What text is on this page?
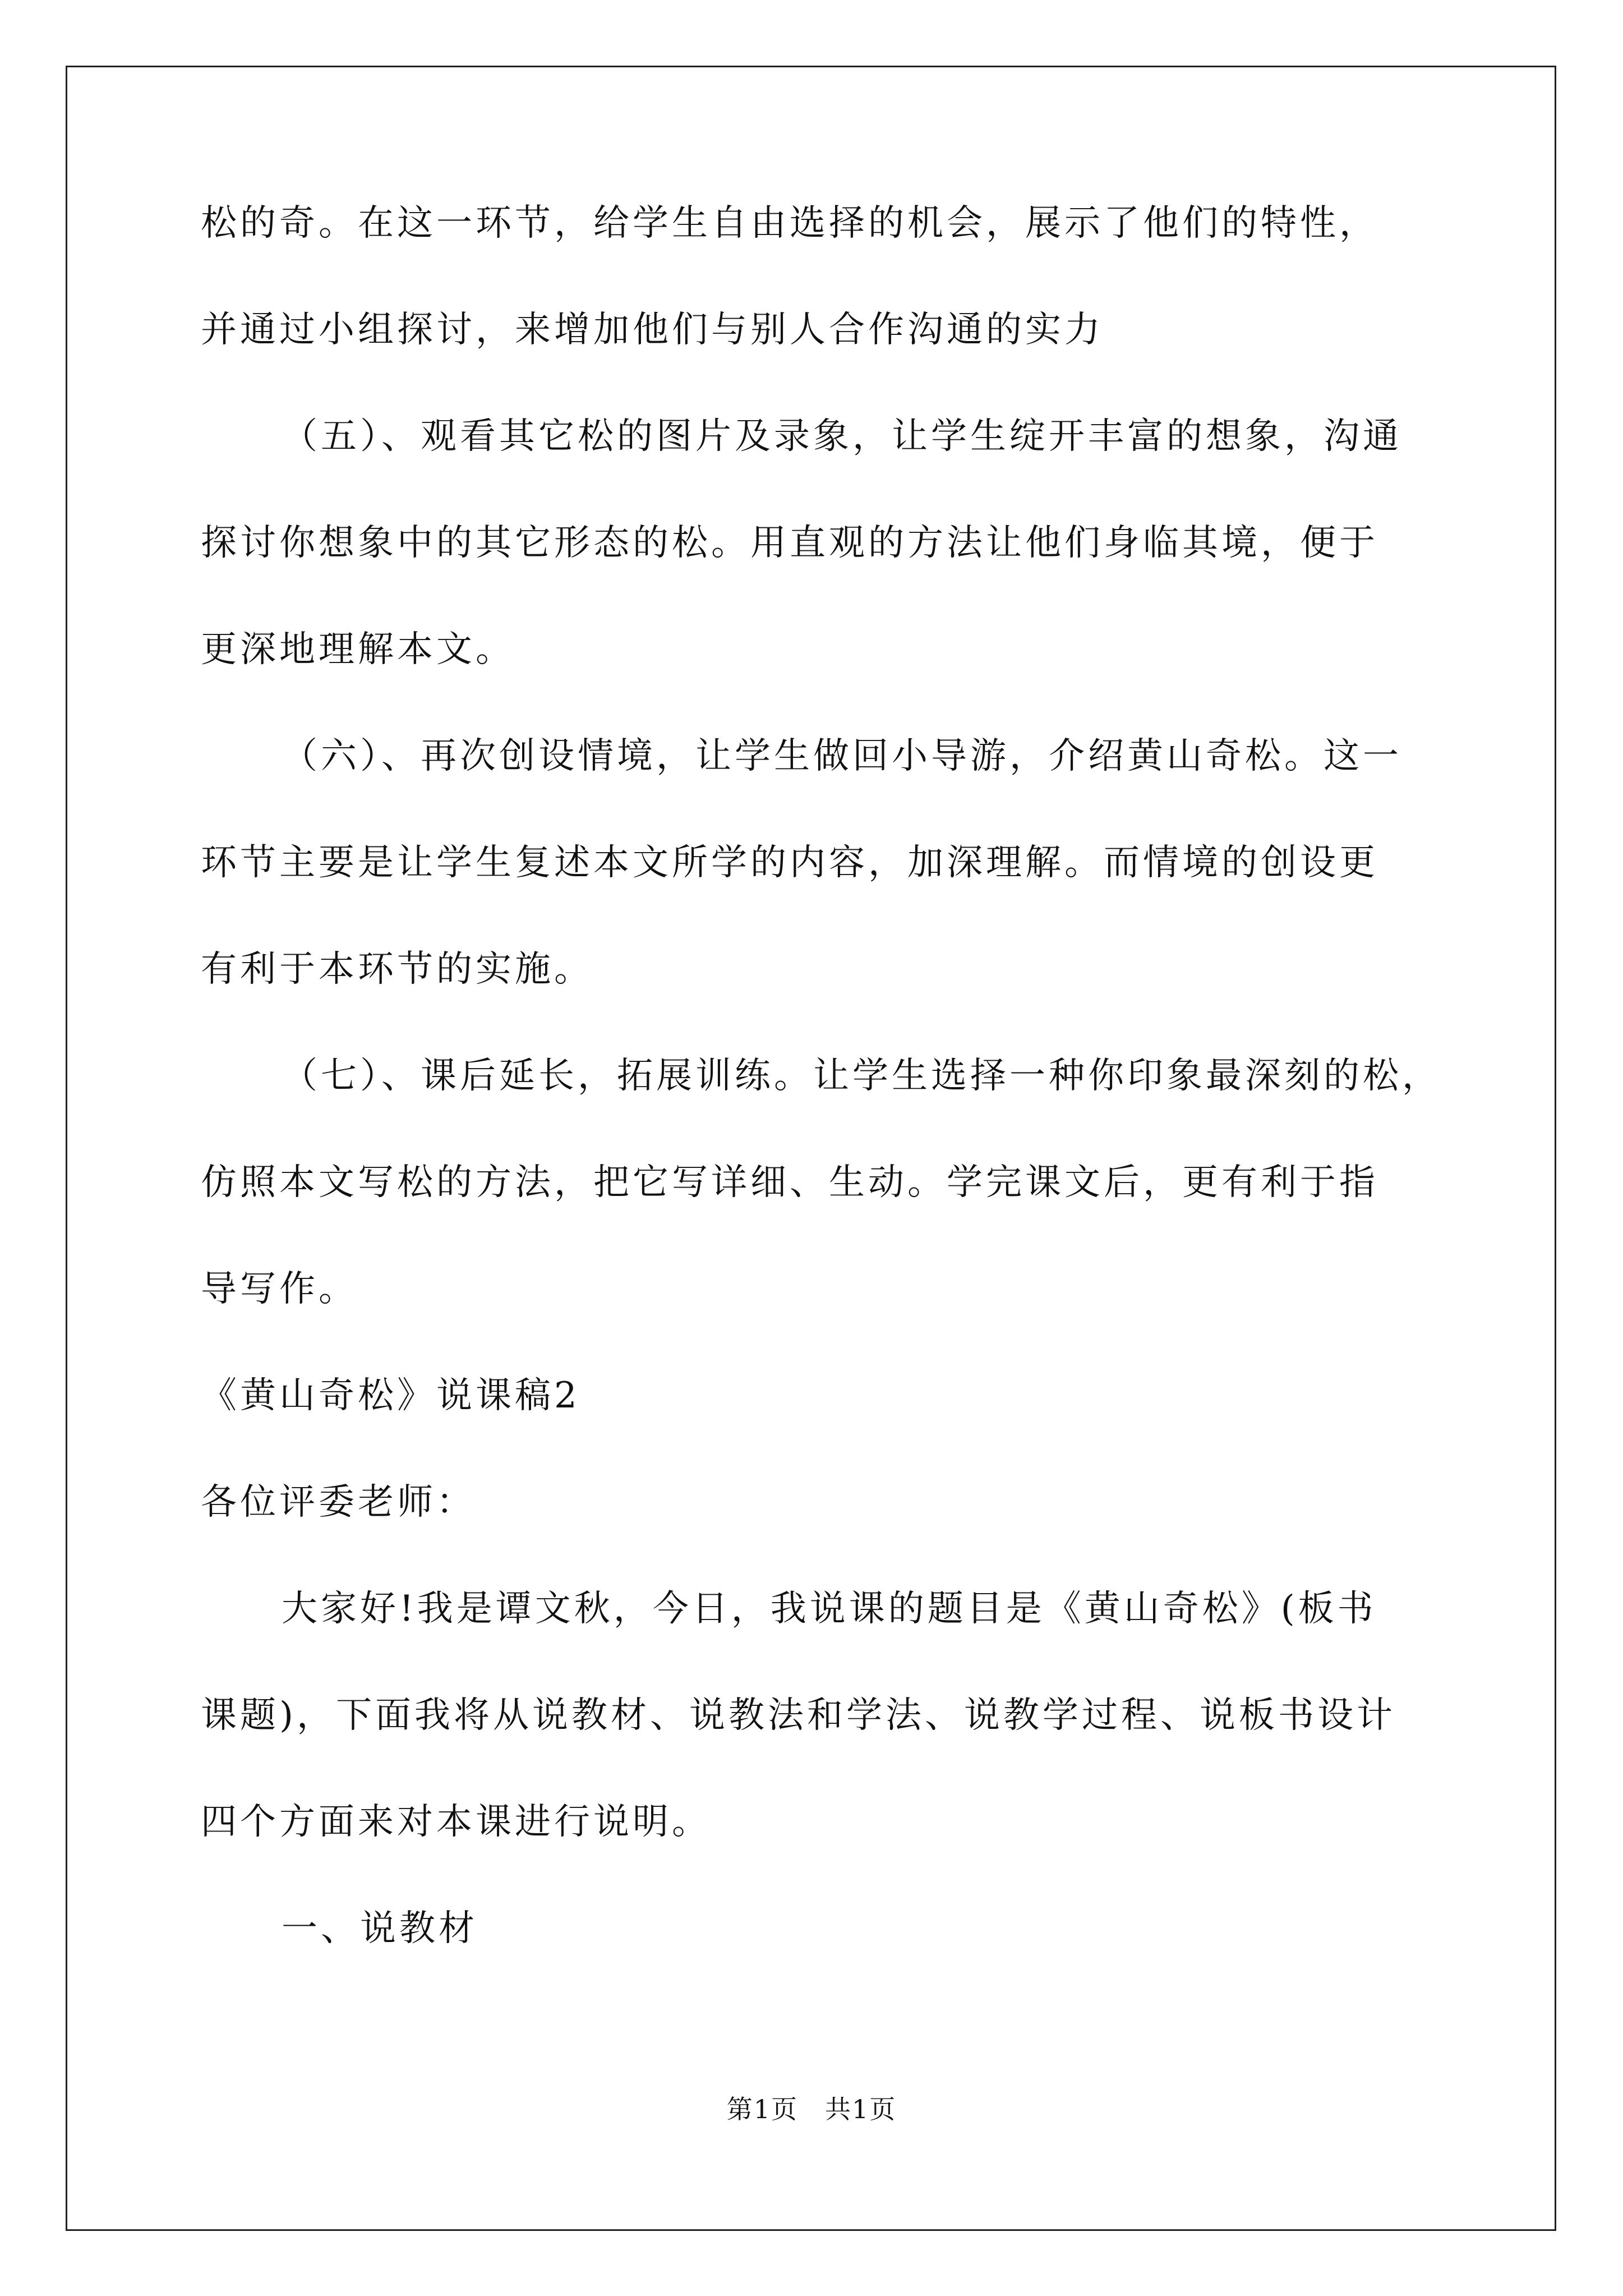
松的奇。在这一环节，给学生自由选择的机会，展示了他们的特性，
并通过小组探讨，来增加他们与别人合作沟通的实力
（五）、观看其它松的图片及录象，让学生绽开丰富的想象，沟通
探讨你想象中的其它形态的松。用直观的方法让他们身临其境，便于
更深地理解本文。
（六）、再次创设情境，让学生做回小导游，介绍黄山奇松。这一
环节主要是让学生复述本文所学的内容，加深理解。而情境的创设更
有利于本环节的实施。
（七）、课后延长，拓展训练。让学生选择一种你印象最深刻的松，
仿照本文写松的方法，把它写详细、生动。学完课文后，更有利于指
导写作。
《黄山奇松》说课稿2
各位评委老师：
大家好!我是谭文秋，今日，我说课的题目是《黄山奇松》(板书
课题)，下面我将从说教材、说教法和学法、说教学过程、说板书设计
四个方面来对本课进行说明。
一、说教材
第1页　共1页
